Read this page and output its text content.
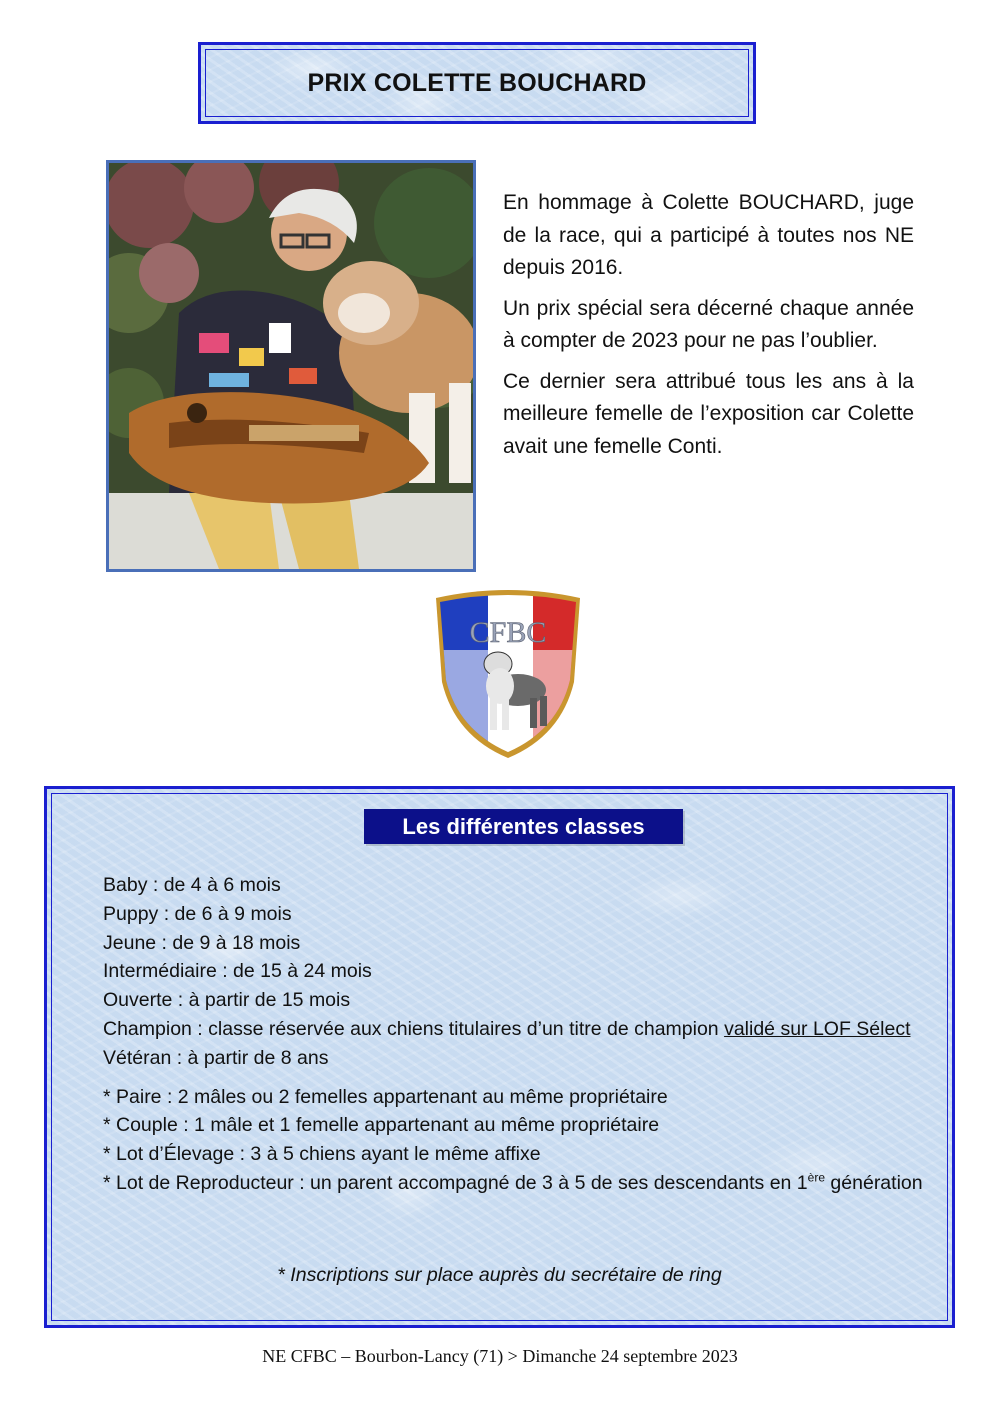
PRIX COLETTE BOUCHARD

En hommage à Colette BOUCHARD, juge de la race, qui a participé à toutes nos NE depuis 2016.

Un prix spécial sera décerné chaque année à compter de 2023 pour ne pas l’oublier.

Ce dernier sera attribué tous les ans à la meilleure femelle de l’exposition car Colette avait une femelle Conti.

CFBC
Les différentes classes
Baby : de 4 à 6 mois
Puppy : de 6 à 9 mois
Jeune : de 9 à 18 mois
Intermédiaire : de 15 à 24 mois
Ouverte : à partir de 15 mois
Champion : classe réservée aux chiens titulaires d’un titre de champion validé sur LOF Sélect
Vétéran : à partir de 8 ans
* Paire : 2 mâles ou 2 femelles appartenant au même propriétaire
* Couple : 1 mâle et 1 femelle appartenant au même propriétaire
* Lot d’Élevage : 3 à 5 chiens ayant le même affixe
* Lot de Reproducteur : un parent accompagné de 3 à 5 de ses descendants en 1ère génération
* Inscriptions sur place auprès du secrétaire de ring
NE CFBC – Bourbon-Lancy (71) > Dimanche 24 septembre 2023
